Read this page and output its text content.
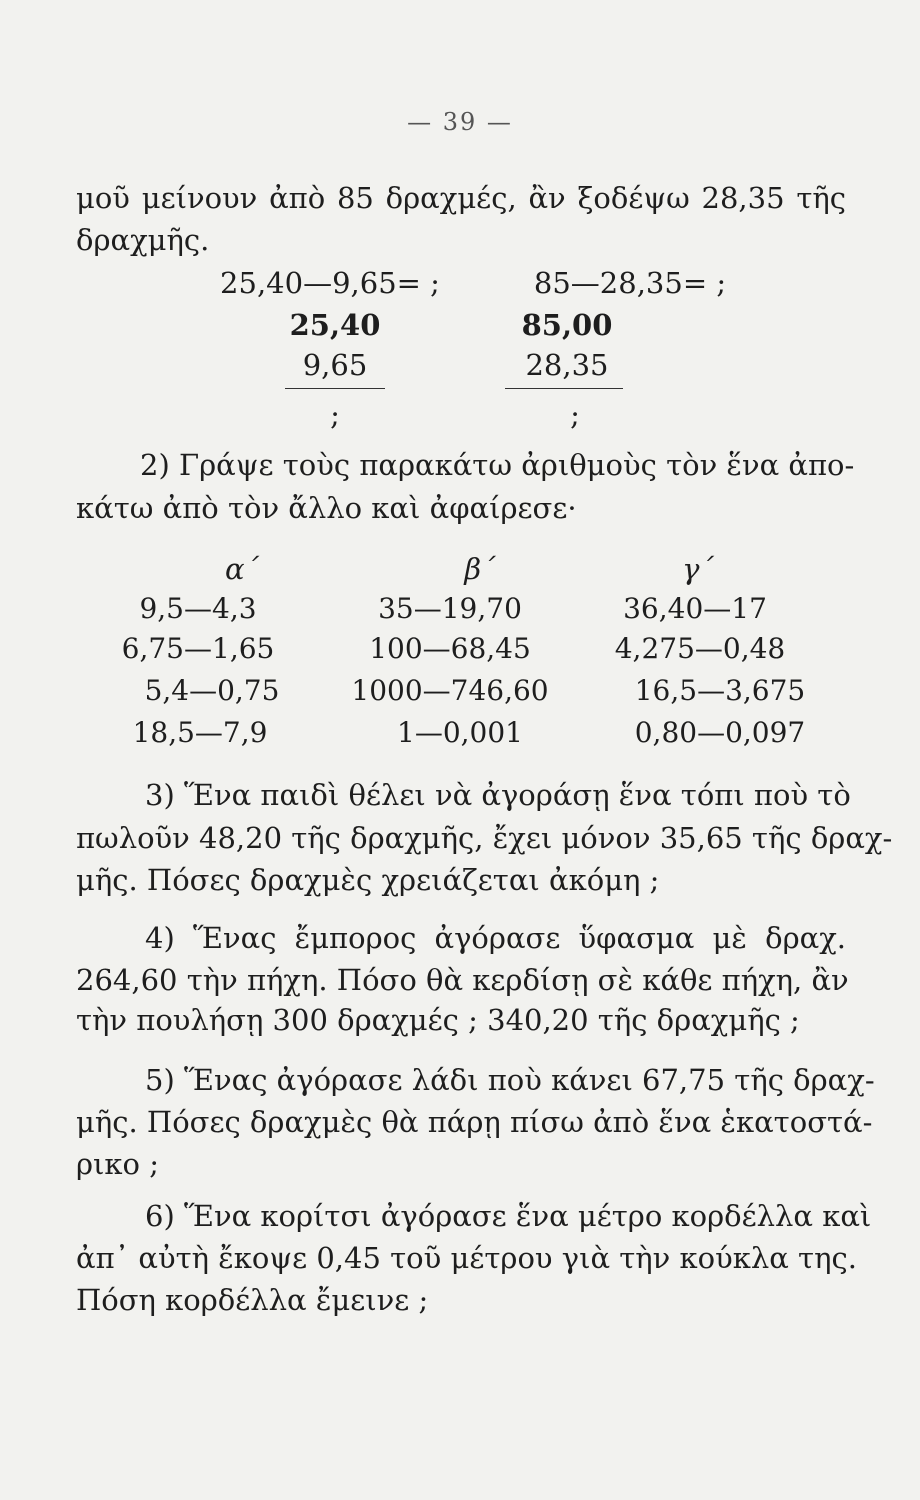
— 39 —
μοῦ μείνουν ἀπὸ 85 δραχμές, ἂν ξοδέψω 28,35 τῆς
δραχμῆς.
25,40—9,65= ;
25,40
9,65
;
85—28,35= ;
85,00
28,35
;
2) Γράψε τοὺς παρακάτω ἀριθμοὺς τὸν ἕνα ἀπο-
κάτω ἀπὸ τὸν ἄλλο καὶ ἀφαίρεσε·
α΄	β΄	γ΄
9,5—4,3	35—19,70	36,40—17
6,75—1,65	100—68,45	4,275—0,48
5,4—0,75	1000—746,60	16,5—3,675
18,5—7,9	1—0,001	0,80—0,097
3) Ἕνα παιδὶ θέλει νὰ ἀγοράσῃ ἕνα τόπι ποὺ τὸ
πωλοῦν 48,20 τῆς δραχμῆς, ἔχει μόνον 35,65 τῆς δραχ-
μῆς. Πόσες δραχμὲς χρειάζεται ἀκόμη ;
4) Ἕνας ἔμπορος ἀγόρασε ὕφασμα μὲ δραχ.
264,60 τὴν πήχη. Πόσο θὰ κερδίσῃ σὲ κάθε πήχη, ἂν
τὴν πουλήσῃ 300 δραχμές ; 340,20 τῆς δραχμῆς ;
5) Ἕνας ἀγόρασε λάδι ποὺ κάνει 67,75 τῆς δραχ-
μῆς. Πόσες δραχμὲς θὰ πάρῃ πίσω ἀπὸ ἕνα ἑκατοστά-
ρικο ;
6) Ἕνα κορίτσι ἀγόρασε ἕνα μέτρο κορδέλλα καὶ
ἀπ᾽ αὐτὴ ἔκοψε 0,45 τοῦ μέτρου γιὰ τὴν κούκλα της.
Πόση κορδέλλα ἔμεινε ;
